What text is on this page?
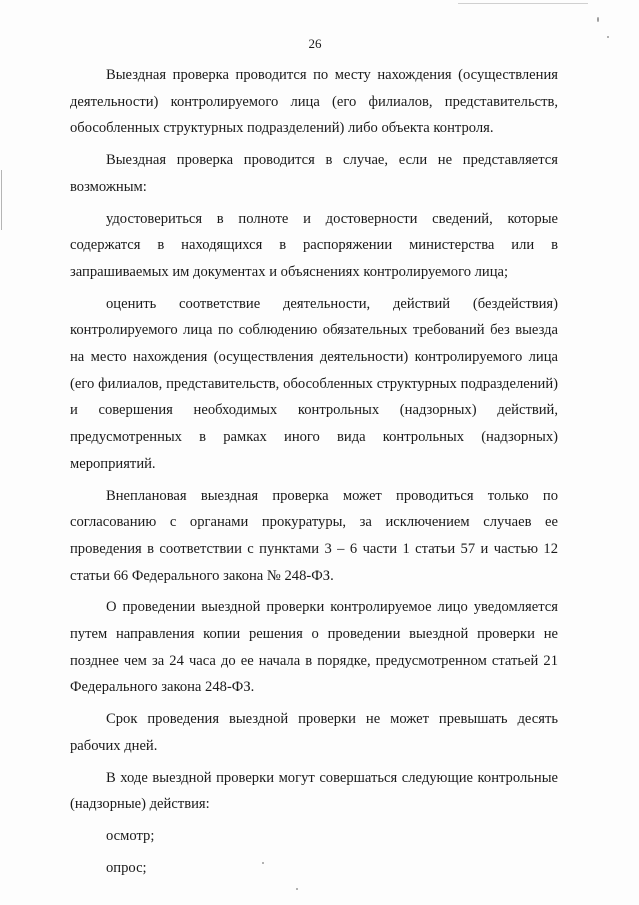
26

Выездная проверка проводится по месту нахождения (осуществления деятельности) контролируемого лица (его филиалов, представительств, обособленных структурных подразделений) либо объекта контроля.

Выездная проверка проводится в случае, если не представляется возможным:

удостовериться в полноте и достоверности сведений, которые содержатся в находящихся в распоряжении министерства или в запрашиваемых им документах и объяснениях контролируемого лица;

оценить соответствие деятельности, действий (бездействия) контролируемого лица по соблюдению обязательных требований без выезда на место нахождения (осуществления деятельности) контролируемого лица (его филиалов, представительств, обособленных структурных подразделений) и совершения необходимых контрольных (надзорных) действий, предусмотренных в рамках иного вида контрольных (надзорных) мероприятий.

Внеплановая выездная проверка может проводиться только по согласованию с органами прокуратуры, за исключением случаев ее проведения в соответствии с пунктами 3 – 6 части 1 статьи 57 и частью 12 статьи 66 Федерального закона № 248-ФЗ.

О проведении выездной проверки контролируемое лицо уведомляется путем направления копии решения о проведении выездной проверки не позднее чем за 24 часа до ее начала в порядке, предусмотренном статьей 21 Федерального закона 248-ФЗ.

Срок проведения выездной проверки не может превышать десять рабочих дней.

В ходе выездной проверки могут совершаться следующие контрольные (надзорные) действия:

осмотр;

опрос;
